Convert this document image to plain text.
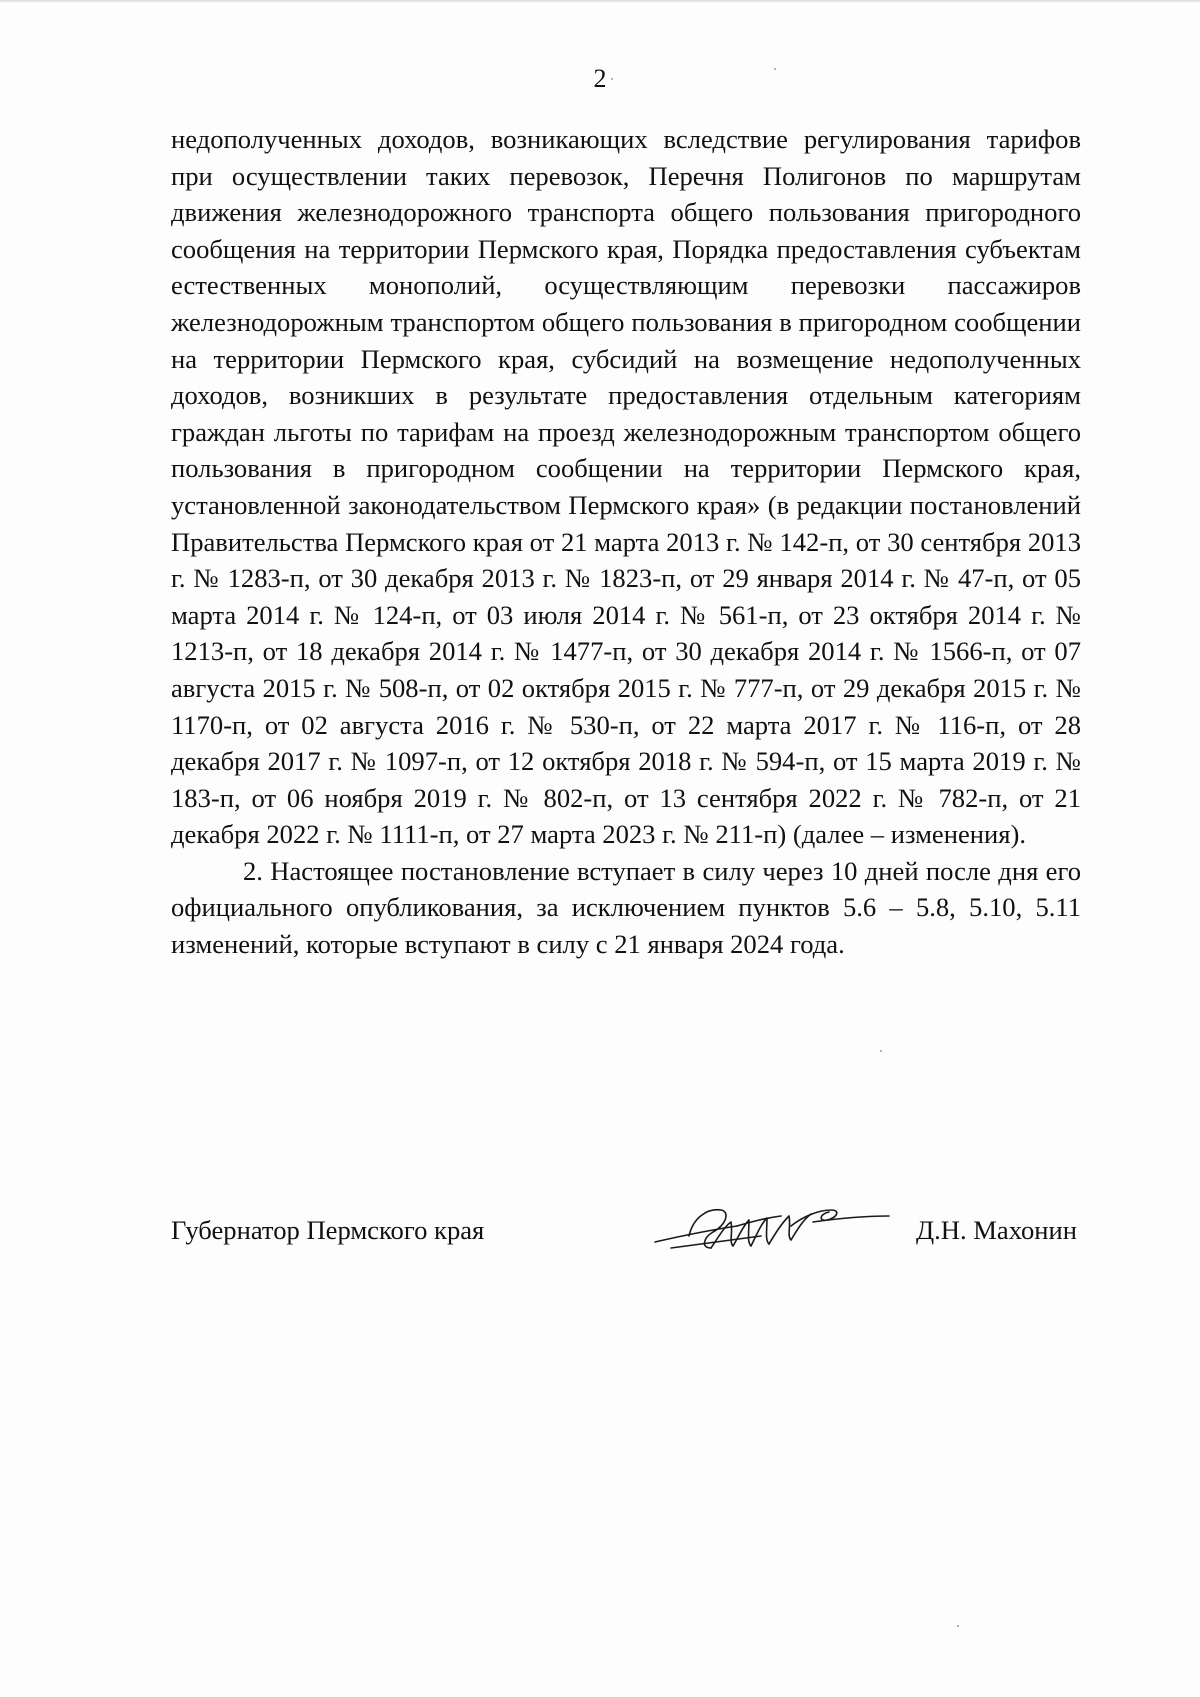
2

недополученных доходов, возникающих вследствие регулирования тарифов при осуществлении таких перевозок, Перечня Полигонов по маршрутам движения железнодорожного транспорта общего пользования пригородного сообщения на территории Пермского края, Порядка предоставления субъектам естественных монополий, осуществляющим перевозки пассажиров железнодорожным транспортом общего пользования в пригородном сообщении на территории Пермского края, субсидий на возмещение недополученных доходов, возникших в результате предоставления отдельным категориям граждан льготы по тарифам на проезд железнодорожным транспортом общего пользования в пригородном сообщении на территории Пермского края, установленной законодательством Пермского края» (в редакции постановлений Правительства Пермского края от 21 марта 2013 г. № 142-п, от 30 сентября 2013 г. № 1283-п, от 30 декабря 2013 г. № 1823-п, от 29 января 2014 г. № 47-п, от 05 марта 2014 г. № 124-п, от 03 июля 2014 г. № 561-п, от 23 октября 2014 г. № 1213-п, от 18 декабря 2014 г. № 1477-п, от 30 декабря 2014 г. № 1566-п, от 07 августа 2015 г. № 508-п, от 02 октября 2015 г. № 777-п, от 29 декабря 2015 г. № 1170-п, от 02 августа 2016 г. № 530-п, от 22 марта 2017 г. № 116-п, от 28 декабря 2017 г. № 1097-п, от 12 октября 2018 г. № 594-п, от 15 марта 2019 г. № 183-п, от 06 ноября 2019 г. № 802-п, от 13 сентября 2022 г. № 782-п, от 21 декабря 2022 г. № 1111-п, от 27 марта 2023 г. № 211-п) (далее – изменения).

2. Настоящее постановление вступает в силу через 10 дней после дня его официального опубликования, за исключением пунктов 5.6 – 5.8, 5.10, 5.11 изменений, которые вступают в силу с 21 января 2024 года.

Губернатор Пермского края	Д.Н. Махонин
